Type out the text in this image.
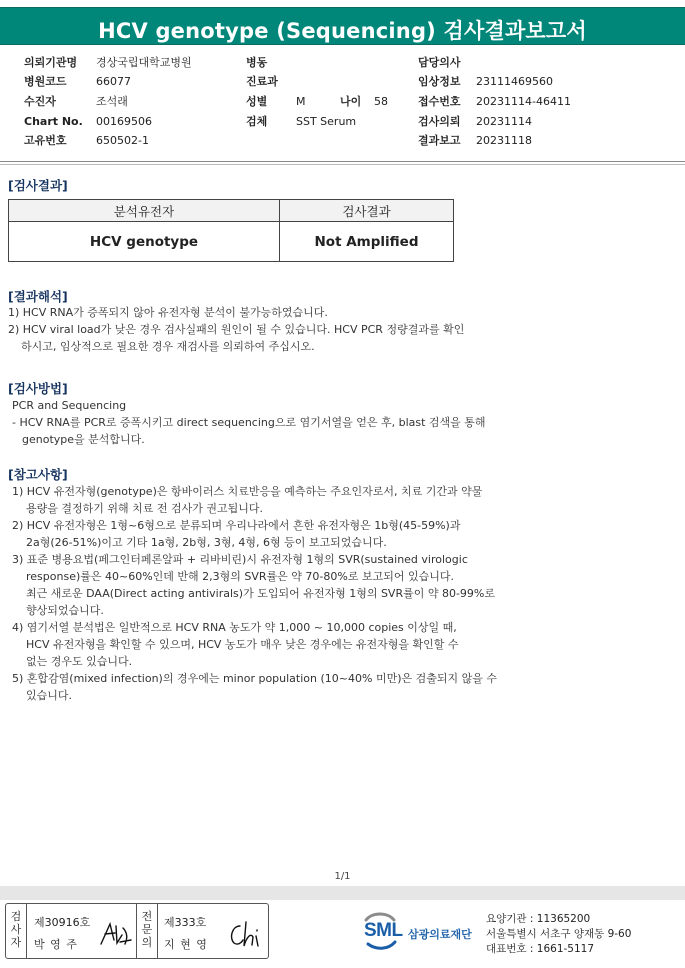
HCV genotype (Sequencing) 검사결과보고서
의뢰기관명 경상국립대학교병원
병원코드	66077
수진자	조석래
Chart No. 00169506
고유번호	650502-1
병동
진료과
성별	M	나이 58
검체	SST Serum
담당의사
임상정보 23111469560
접수번호 20231114-46411
검사의뢰 20231114
결과보고 20231118
[검사결과]
분석유전자	검사결과
HCV genotype	Not Amplified
[결과해석]

1) HCV RNA가 증폭되지 않아 유전자형 분석이 불가능하였습니다.

2) HCV viral load가 낮은 경우 검사실패의 원인이 될 수 있습니다. HCV PCR 정량결과를 확인

하시고, 임상적으로 필요한 경우 재검사를 의뢰하여 주십시오.

[검사방법]

PCR and Sequencing

- HCV RNA를 PCR로 증폭시키고 direct sequencing으로 염기서열을 얻은 후, blast 검색을 통해

genotype을 분석합니다.

[참고사항]

1) HCV 유전자형(genotype)은 항바이러스 치료반응을 예측하는 주요인자로서, 치료 기간과 약물

용량을 결정하기 위해 치료 전 검사가 권고됩니다.

2) HCV 유전자형은 1형~6형으로 분류되며 우리나라에서 흔한 유전자형은 1b형(45-59%)과

2a형(26-51%)이고 기타 1a형, 2b형, 3형, 4형, 6형 등이 보고되었습니다.

3) 표준 병용요법(페그인터페론알파 + 리바비린)시 유전자형 1형의 SVR(sustained virologic

response)률은 40~60%인데 반해 2,3형의 SVR률은 약 70-80%로 보고되어 있습니다.

최근 새로운 DAA(Direct acting antivirals)가 도입되어 유전자형 1형의 SVR률이 약 80-99%로

향상되었습니다.

4) 염기서열 분석법은 일반적으로 HCV RNA 농도가 약 1,000 ~ 10,000 copies 이상일 때,

HCV 유전자형을 확인할 수 있으며, HCV 농도가 매우 낮은 경우에는 유전자형을 확인할 수

없는 경우도 있습니다.

5) 혼합감염(mixed infection)의 경우에는 minor population (10~40% 미만)은 검출되지 않을 수

있습니다.

1/1
검
사
자
제30916호
박 영 주
전
문
의
제333호
지 현 영
SML 삼광의료재단
요양기관 : 11365200
서울특별시 서초구 양재동 9-60
대표번호 : 1661-5117
